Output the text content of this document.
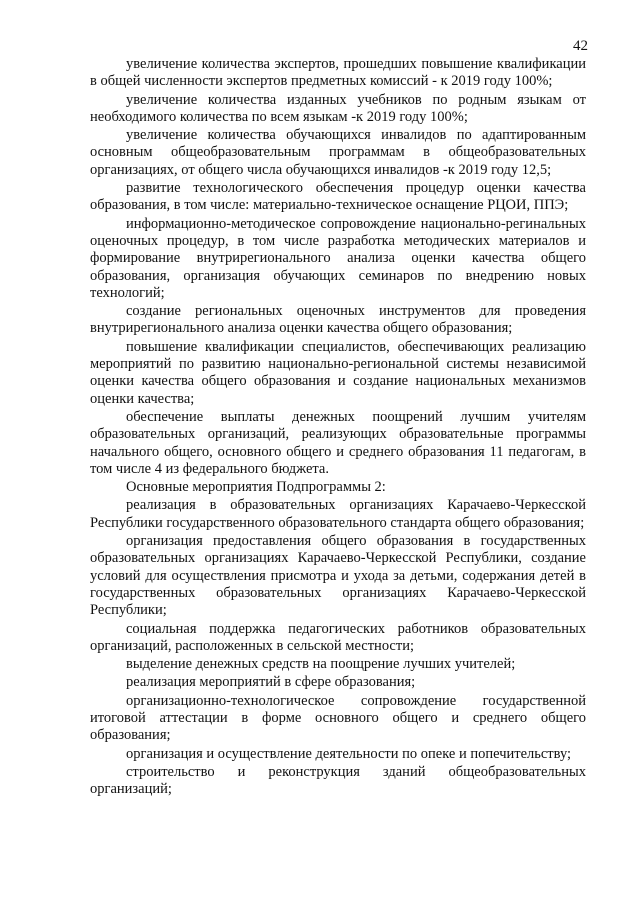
42

увеличение количества экспертов, прошедших повышение квалификации в общей численности экспертов предметных комиссий - к 2019 году 100%;

увеличение количества изданных учебников по родным языкам от необходимого количества по всем языкам -к 2019 году 100%;

увеличение количества обучающихся инвалидов по адаптированным основным общеобразовательным программам в общеобразовательных организациях, от общего числа обучающихся инвалидов -к 2019 году 12,5;

развитие технологического обеспечения процедур оценки качества образования, в том числе: материально-техническое оснащение РЦОИ, ППЭ;

информационно-методическое сопровождение национально-регинальных оценочных процедур, в том числе разработка методических материалов и формирование внутрирегионального анализа оценки качества общего образования, организация обучающих семинаров по внедрению новых технологий;

создание региональных оценочных инструментов для проведения внутрирегионального анализа оценки качества общего образования;

повышение квалификации специалистов, обеспечивающих реализацию мероприятий по развитию национально-региональной системы независимой оценки качества общего образования и создание национальных механизмов оценки качества;

обеспечение выплаты денежных поощрений лучшим учителям образовательных организаций, реализующих образовательные программы начального общего, основного общего и среднего образования 11 педагогам, в том числе 4 из федерального бюджета.

Основные мероприятия Подпрограммы 2:

реализация в образовательных организациях Карачаево-Черкесской Республики государственного образовательного стандарта общего образования;

организация предоставления общего образования в государственных образовательных организациях Карачаево-Черкесской Республики, создание условий для осуществления присмотра и ухода за детьми, содержания детей в государственных образовательных организациях Карачаево-Черкесской Республики;

социальная поддержка педагогических работников образовательных организаций, расположенных в сельской местности;

выделение денежных средств на поощрение лучших учителей;

реализация мероприятий в сфере образования;

организационно-технологическое сопровождение государственной итоговой аттестации в форме основного общего и среднего общего образования;

организация и осуществление деятельности по опеке и попечительству;

строительство и реконструкция зданий общеобразовательных организаций;
